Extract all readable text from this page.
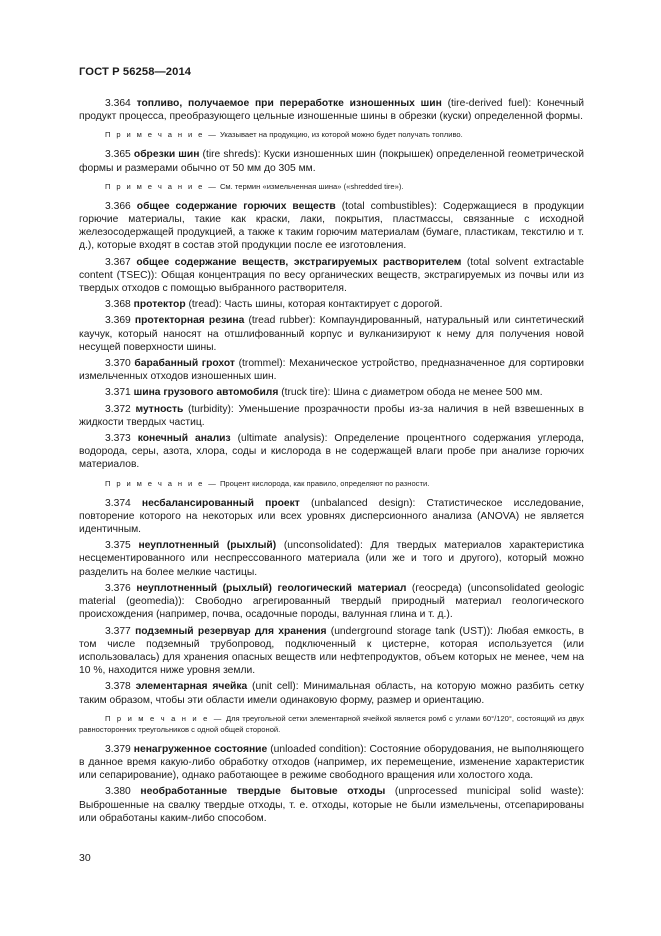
ГОСТ Р 56258—2014

3.364 топливо, получаемое при переработке изношенных шин (tire-derived fuel): Конечный продукт процесса, преобразующего цельные изношенные шины в обрезки (куски) определенной формы.

П р и м е ч а н и е — Указывает на продукцию, из которой можно будет получать топливо.

3.365 обрезки шин (tire shreds): Куски изношенных шин (покрышек) определенной геометрической формы и размерами обычно от 50 мм до 305 мм.

П р и м е ч а н и е — См. термин «измельченная шина» («shredded tire»).

3.366 общее содержание горючих веществ (total combustibles): Содержащиеся в продукции горючие материалы, такие как краски, лаки, покрытия, пластмассы, связанные с исходной железосодержащей продукцией, а также к таким горючим материалам (бумаге, пластикам, текстилю и т. д.), которые входят в состав этой продукции после ее изготовления.

3.367 общее содержание веществ, экстрагируемых растворителем (total solvent extractable content (TSEC)): Общая концентрация по весу органических веществ, экстрагируемых из почвы или из твердых отходов с помощью выбранного растворителя.

3.368 протектор (tread): Часть шины, которая контактирует с дорогой.

3.369 протекторная резина (tread rubber): Компаундированный, натуральный или синтетический каучук, который наносят на отшлифованный корпус и вулканизируют к нему для получения новой несущей поверхности шины.

3.370 барабанный грохот (trommel): Механическое устройство, предназначенное для сортировки измельченных отходов изношенных шин.

3.371 шина грузового автомобиля (truck tire): Шина с диаметром обода не менее 500 мм.

3.372 мутность (turbidity): Уменьшение прозрачности пробы из-за наличия в ней взвешенных в жидкости твердых частиц.

3.373 конечный анализ (ultimate analysis): Определение процентного содержания углерода, водорода, серы, азота, хлора, соды и кислорода в не содержащей влаги пробе при анализе горючих материалов.

П р и м е ч а н и е — Процент кислорода, как правило, определяют по разности.

3.374 несбалансированный проект (unbalanced design): Статистическое исследование, повторение которого на некоторых или всех уровнях дисперсионного анализа (ANOVA) не является идентичным.

3.375 неуплотненный (рыхлый) (unconsolidated): Для твердых материалов характеристика несцементированного или неспрессованного материала (или же и того и другого), который можно разделить на более мелкие частицы.

3.376 неуплотненный (рыхлый) геологический материал (геосреда) (unconsolidated geologic material (geomedia)): Свободно агрегированный твердый природный материал геологического происхождения (например, почва, осадочные породы, валунная глина и т. д.).

3.377 подземный резервуар для хранения (underground storage tank (UST)): Любая емкость, в том числе подземный трубопровод, подключенный к цистерне, которая используется (или использовалась) для хранения опасных веществ или нефтепродуктов, объем которых не менее, чем на 10 %, находится ниже уровня земли.

3.378 элементарная ячейка (unit cell): Минимальная область, на которую можно разбить сетку таким образом, чтобы эти области имели одинаковую форму, размер и ориентацию.

П р и м е ч а н и е — Для треугольной сетки элементарной ячейкой является ромб с углами 60°/120°, состоящий из двух равносторонних треугольников с одной общей стороной.

3.379 ненагруженное состояние (unloaded condition): Состояние оборудования, не выполняющего в данное время какую-либо обработку отходов (например, их перемещение, изменение характеристик или сепарирование), однако работающее в режиме свободного вращения или холостого хода.

3.380 необработанные твердые бытовые отходы (unprocessed municipal solid waste): Выброшенные на свалку твердые отходы, т. е. отходы, которые не были измельчены, отсепарированы или обработаны каким-либо способом.

30
